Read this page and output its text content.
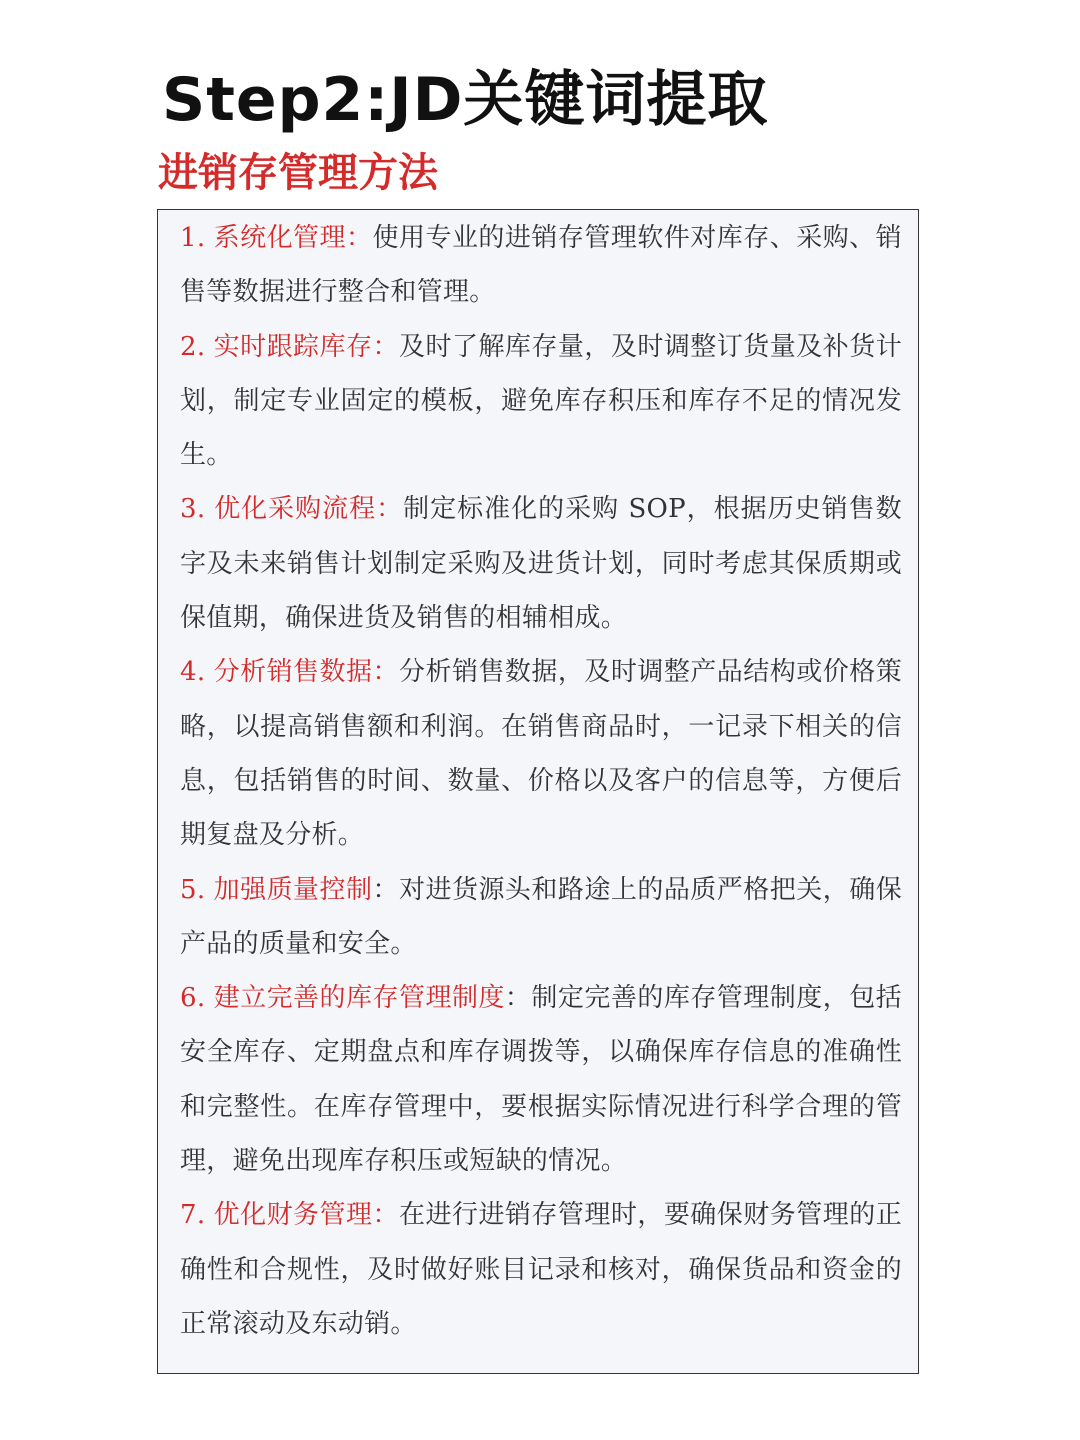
Step2:JD关键词提取
进销存管理方法

1. 系统化管理：使用专业的进销存管理软件对库存、采购、销售等数据进行整合和管理。

2. 实时跟踪库存：及时了解库存量，及时调整订货量及补货计划，制定专业固定的模板，避免库存积压和库存不足的情况发生。

3. 优化采购流程：制定标准化的采购 SOP，根据历史销售数字及未来销售计划制定采购及进货计划，同时考虑其保质期或保值期，确保进货及销售的相辅相成。

4. 分析销售数据：分析销售数据，及时调整产品结构或价格策略，以提高销售额和利润。在销售商品时，一记录下相关的信息，包括销售的时间、数量、价格以及客户的信息等，方便后期复盘及分析。

5. 加强质量控制：对进货源头和路途上的品质严格把关，确保产品的质量和安全。

6. 建立完善的库存管理制度：制定完善的库存管理制度，包括安全库存、定期盘点和库存调拨等，以确保库存信息的准确性和完整性。在库存管理中，要根据实际情况进行科学合理的管理，避免出现库存积压或短缺的情况。

7. 优化财务管理：在进行进销存管理时，要确保财务管理的正确性和合规性，及时做好账目记录和核对，确保货品和资金的正常滚动及东动销。
